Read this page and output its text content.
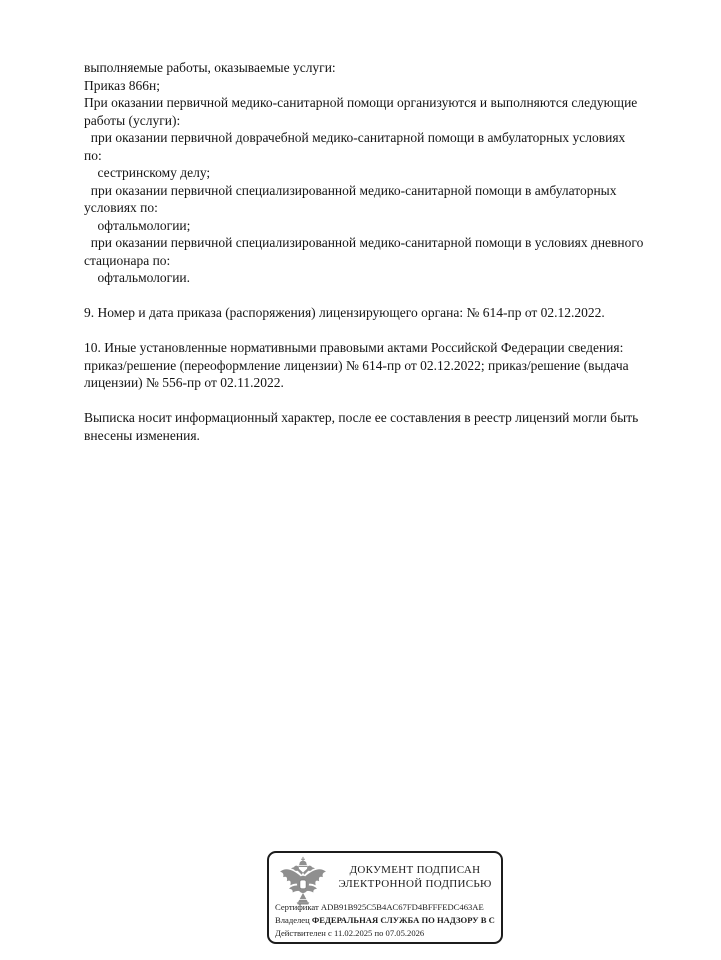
выполняемые работы, оказываемые услуги:
Приказ 866н;
При оказании первичной медико-санитарной помощи организуются и выполняются следующие
работы (услуги):
при оказании первичной доврачебной медико-санитарной помощи в амбулаторных условиях
по:
сестринскому делу;
при оказании первичной специализированной медико-санитарной помощи в амбулаторных
условиях по:
офтальмологии;
при оказании первичной специализированной медико-санитарной помощи в условиях дневного
стационара по:
офтальмологии.
9. Номер и дата приказа (распоряжения) лицензирующего органа: № 614-пр от 02.12.2022.
10. Иные установленные нормативными правовыми актами Российской Федерации сведения:
приказ/решение (переоформление лицензии) № 614-пр от 02.12.2022; приказ/решение (выдача
лицензии) № 556-пр от 02.11.2022.
Выписка носит информационный характер, после ее составления в реестр лицензий могли быть
внесены изменения.
ДОКУМЕНТ ПОДПИСАН
ЭЛЕКТРОННОЙ ПОДПИСЬЮ
Сертификат ADB91B925C5B4AC67FD4BFFFEDC463AE
Владелец ФЕДЕРАЛЬНАЯ СЛУЖБА ПО НАДЗОРУ В С
Действителен с 11.02.2025 по 07.05.2026
